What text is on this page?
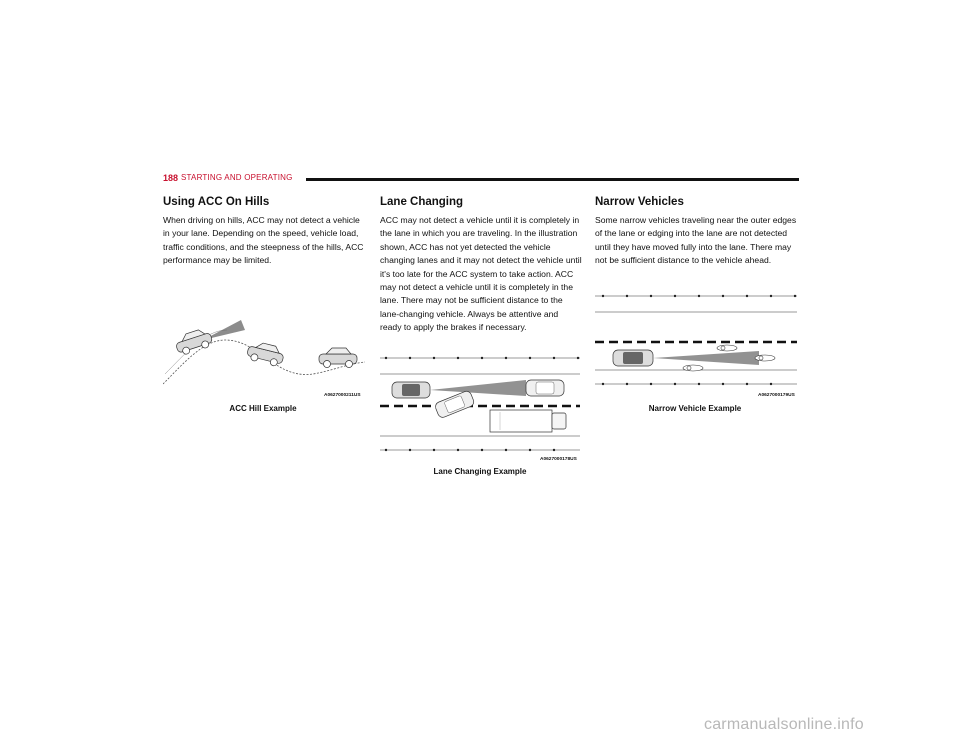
188 STARTING AND OPERATING
Using ACC On Hills

When driving on hills, ACC may not detect a vehicle in your lane. Depending on the speed, vehicle load, traffic conditions, and the steepness of the hills, ACC performance may be limited.

A0627000211US
ACC Hill Example
Lane Changing

ACC may not detect a vehicle until it is completely in the lane in which you are traveling. In the illustration shown, ACC has not yet detected the vehicle changing lanes and it may not detect the vehicle until it's too late for the ACC system to take action. ACC may not detect a vehicle until it is completely in the lane. There may not be sufficient distance to the lane-changing vehicle. Always be attentive and ready to apply the brakes if necessary.

A0627000178US
Lane Changing Example
Narrow Vehicles

Some narrow vehicles traveling near the outer edges of the lane or edging into the lane are not detected until they have moved fully into the lane. There may not be sufficient distance to the vehicle ahead.

A0627000179US
Narrow Vehicle Example
carmanualsonline.info
